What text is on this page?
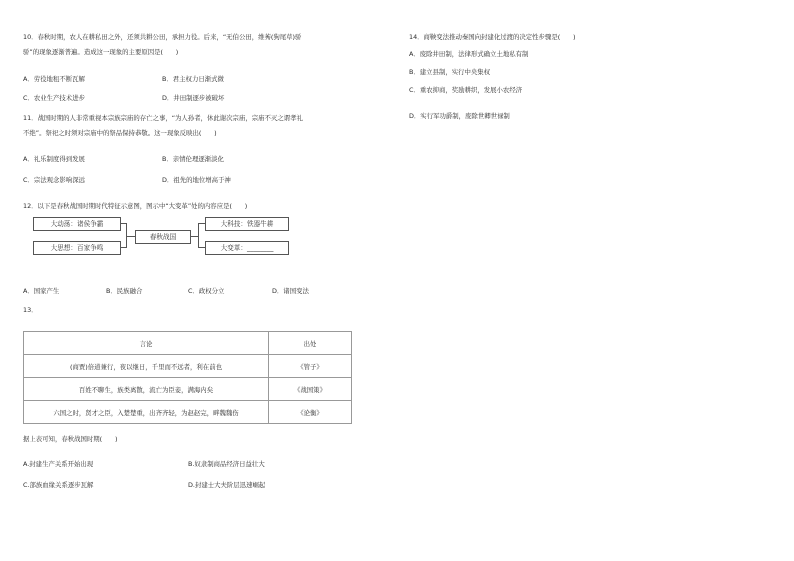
10．春秋时期，农人在耕私田之外，还须共耕公田，承担力役。后来，“无伯公田，维莠(狗尾草)骄
骄”的现象逐渐普遍。造成这一现象的主要原因是(　　)
A．劳役地租不断瓦解	B．君主权力日渐式微
C．农业生产技术进步	D．井田制逐步被破坏
11．战国时期的人非常重视本宗族宗庙的存亡之事，“为人孙者，休此谢次宗庙，宗庙不灭之谓孝礼
不绝”。祭祀之时须对宗庙中的祭品保持恭敬。这一现象反映出(　　)
A．礼乐制度得到发展	B．亲情伦理逐渐淡化
C．宗法观念影响深远	D．祖先的地位增高于神
12．以下是春秋战国时期时代特征示意图，图示中“大变革”处的内容应是(　　)
大动荡：诸侯争霸
大思想：百家争鸣
春秋战国
大科技：铁器牛耕
大变革：________
A．国家产生	B．民族融合	C．政权分立	D．诸国变法
13．
言论	出处
(商贾)倍道兼行，夜以继日，千里而不远者，利在前也	《管子》
百姓不聊生，族类离散，流亡为臣妾，满海内矣	《战国策》
六国之时，贤才之臣，入楚楚重，出齐齐轻，为赵赵完，畔魏魏伤	《论衡》
据上表可知，春秋战国时期(　　)
A.封建生产关系开始出现	B.奴隶制商品经济日益壮大
C.部族血缘关系逐步瓦解	D.封建士大夫阶层迅速崛起
14．商鞅变法推动秦国向封建化过渡的决定性步骤是(　　)
A．废除井田制，法律形式确立土地私有制
B．建立县制，实行中央集权
C．重农抑商，奖励耕织，发展小农经济
D．实行军功爵制，废除世卿世禄制
